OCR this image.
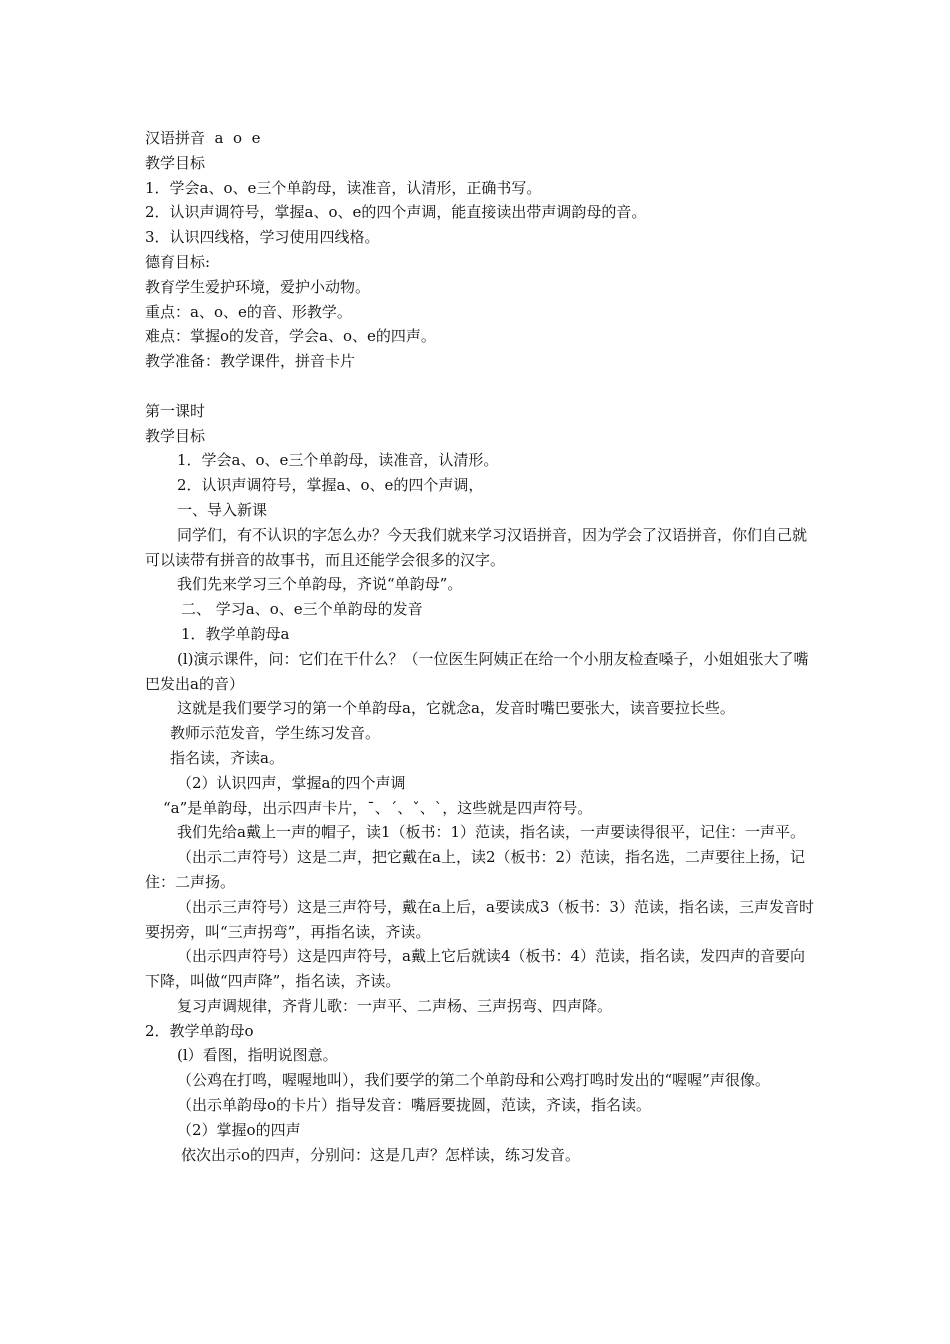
汉语拼音  a  o  e
教学目标
1．学会a、o、e三个单韵母，读准音，认清形，正确书写。
2．认识声调符号，掌握a、o、e的四个声调，能直接读出带声调韵母的音。
3．认识四线格，学习使用四线格。
德育目标:
教育学生爱护环境，爱护小动物。
重点：a、o、e的音、形教学。
难点：掌握o的发音，学会a、o、e的四声。
教学准备：教学课件，拼音卡片
第一课时
教学目标
1．学会a、o、e三个单韵母，读准音，认清形。
2．认识声调符号，掌握a、o、e的四个声调，
一、导入新课
同学们，有不认识的字怎么办？今天我们就来学习汉语拼音，因为学会了汉语拼音，你们自己就可以读带有拼音的故事书，而且还能学会很多的汉字。
我们先来学习三个单韵母，齐说“单韵母”。
二、 学习a、o、e三个单韵母的发音
1．教学单韵母a
(l)演示课件，问：它们在干什么？（一位医生阿姨正在给一个小朋友检查嗓子，小姐姐张大了嘴巴发出a的音）
这就是我们要学习的第一个单韵母a，它就念a，发音时嘴巴要张大，读音要拉长些。
教师示范发音，学生练习发音。
指名读，齐读a。
（2）认识四声，掌握a的四个声调
“a”是单韵母，出示四声卡片，ˉ、ˊ、ˇ、ˋ，这些就是四声符号。
我们先给a戴上一声的帽子，读1（板书：1）范读，指名读，一声要读得很平，记住：一声平。
（出示二声符号）这是二声，把它戴在a上，读2（板书：2）范读，指名选，二声要往上扬，记住：二声扬。
（出示三声符号）这是三声符号，戴在a上后，a要读成3（板书：3）范读，指名读，三声发音时要拐旁，叫“三声拐弯”，再指名读，齐读。
（出示四声符号）这是四声符号，a戴上它后就读4（板书：4）范读，指名读，发四声的音要向下降，叫做“四声降”，指名读，齐读。
复习声调规律，齐背儿歌：一声平、二声杨、三声拐弯、四声降。
2．教学单韵母o
(l）看图，指明说图意。
（公鸡在打鸣，喔喔地叫），我们要学的第二个单韵母和公鸡打鸣时发出的“喔喔”声很像。
（出示单韵母o的卡片）指导发音：嘴唇要拢圆，范读，齐读，指名读。
（2）掌握o的四声
依次出示o的四声，分别问：这是几声？怎样读，练习发音。
